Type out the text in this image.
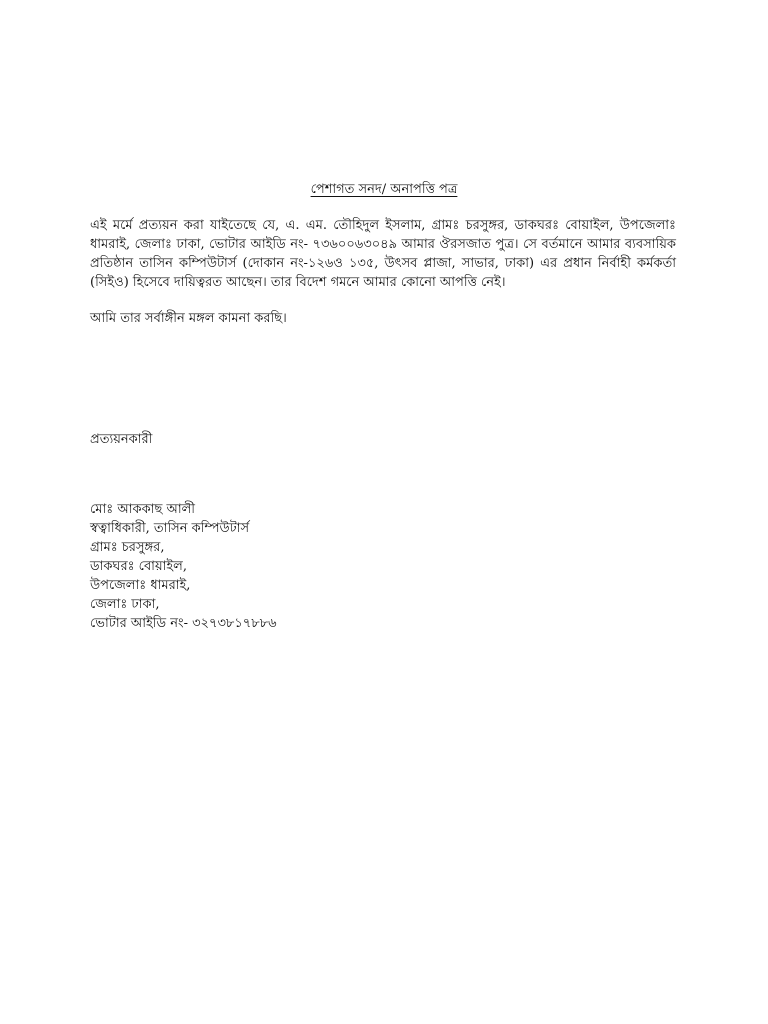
পেশাগত সনদ/ অনাপত্তি পত্র
এই মর্মে প্রত্যয়ন করা যাইতেছে যে, এ. এম. তৌহিদুল ইসলাম, গ্রামঃ চরসুঙ্গর, ডাকঘরঃ বোয়াইল, উপজেলাঃ ধামরাই, জেলাঃ ঢাকা, ভোটার আইডি নং- ৭৩৬০০৬৩০৪৯ আমার ঔরসজাত পুত্র। সে বর্তমানে আমার ব্যবসায়িক প্রতিষ্ঠান তাসিন কম্পিউটার্স (দোকান নং-১২৬ও ১৩৫, উৎসব প্লাজা, সাভার, ঢাকা) এর প্রধান নির্বাহী কর্মকর্তা (সিইও) হিসেবে দায়িত্বরত আছেন। তার বিদেশ গমনে আমার কোনো আপত্তি নেই।
আমি তার সর্বাঙ্গীন মঙ্গল কামনা করছি।
প্রত্যয়নকারী
মোঃ আককাছ আলী
স্বত্বাধিকারী, তাসিন কম্পিউটার্স
গ্রামঃ চরসুঙ্গর,
ডাকঘরঃ বোয়াইল,
উপজেলাঃ ধামরাই,
জেলাঃ ঢাকা,
ভোটার আইডি নং- ৩২৭৩৮১৭৮৮৬
